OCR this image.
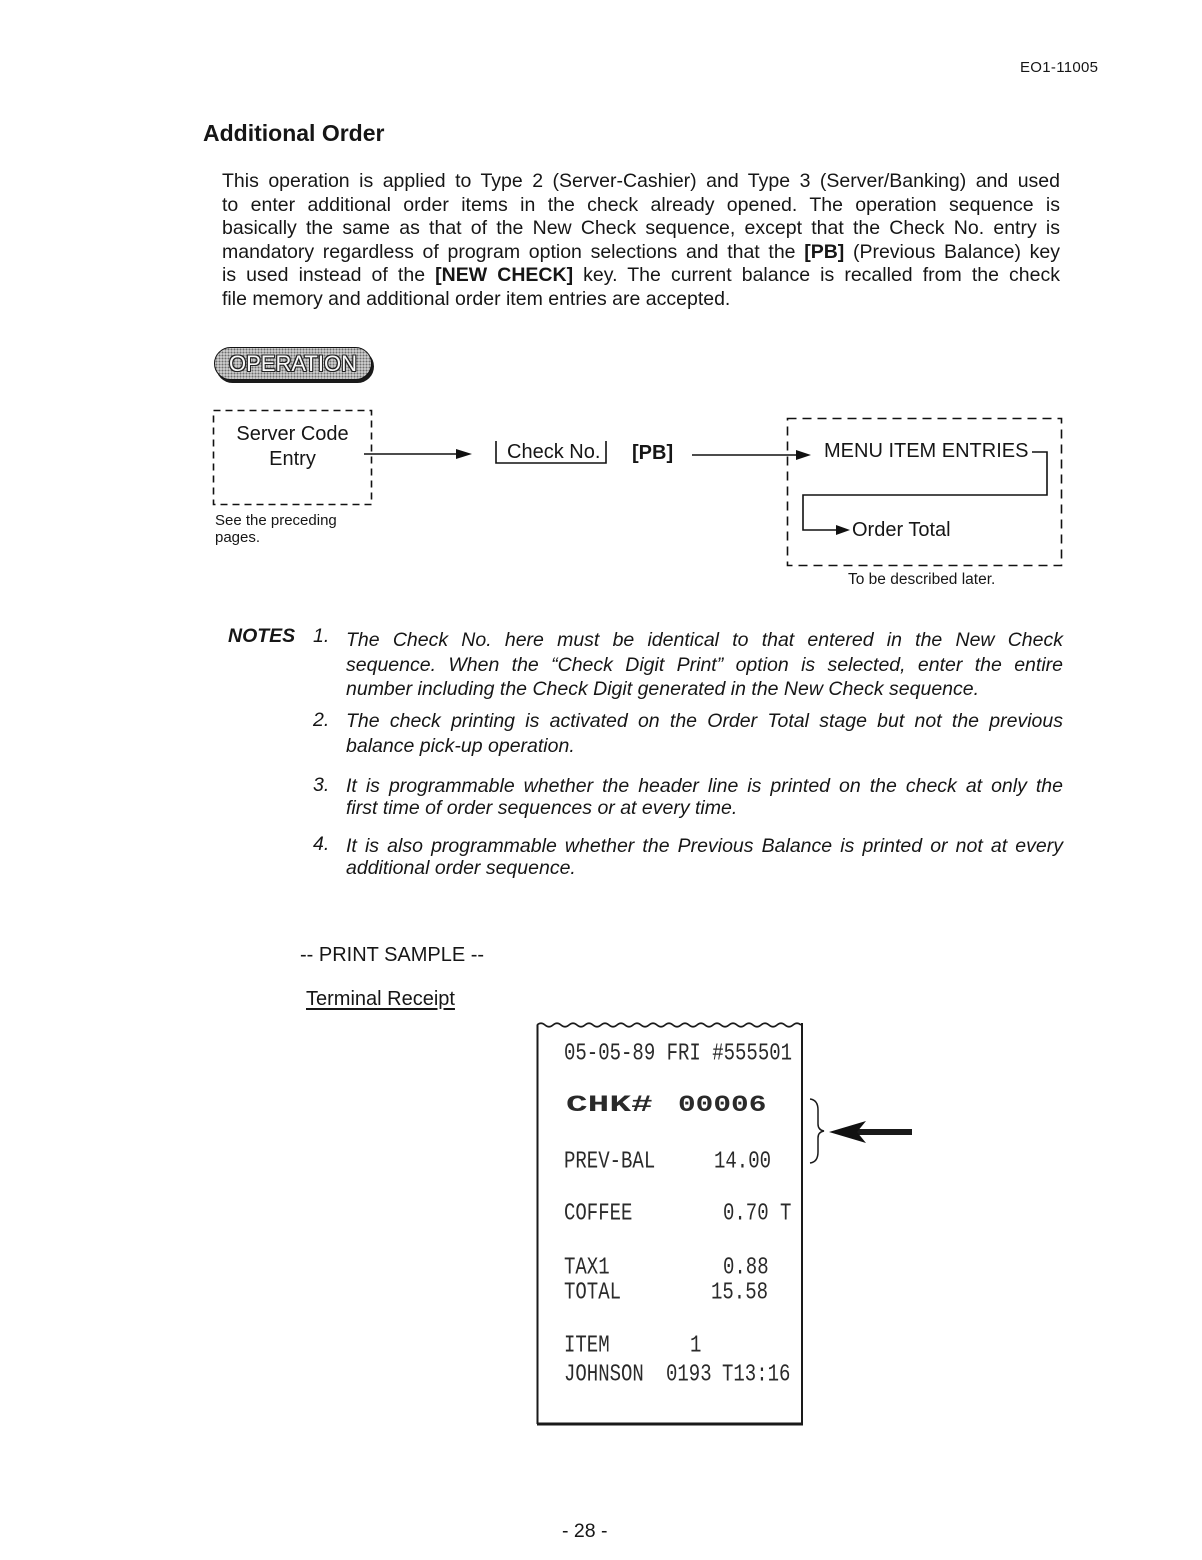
EO1-11005
Additional Order
This operation is applied to Type 2 (Server-Cashier) and Type 3 (Server/Banking) and used
to enter additional order items in the check already opened. The operation sequence is
basically the same as that of the New Check sequence, except that the Check No. entry is
mandatory regardless of program option selections and that the [PB] (Previous Balance) key
is used instead of the [NEW CHECK] key. The current balance is recalled from the check
file memory and additional order item entries are accepted.
OPERATION
Server Code
Entry
See the preceding
pages.
Check No. [PB]	MENU ITEM ENTRIES
Order Total
To be described later.
NOTES 1. The Check No. here must be identical to that entered in the New Check
sequence. When the “Check Digit Print” option is selected, enter the entire
number including the Check Digit generated in the New Check sequence.
2. The check printing is activated on the Order Total stage but not the previous
balance pick-up operation.
3. It is programmable whether the header line is printed on the check at only the
first time of order sequences or at every time.
4. It is also programmable whether the Previous Balance is printed or not at every
additional order sequence.
-- PRINT SAMPLE --
Terminal Receipt
05-05-89 FRI #555501
CHK# 00006
PREV-BAL	14.00
COFFEE	0.70 T
TAX1	0.88
TOTAL	15.58
ITEM	1
JOHNSON 0193 T13:16
- 28 -
